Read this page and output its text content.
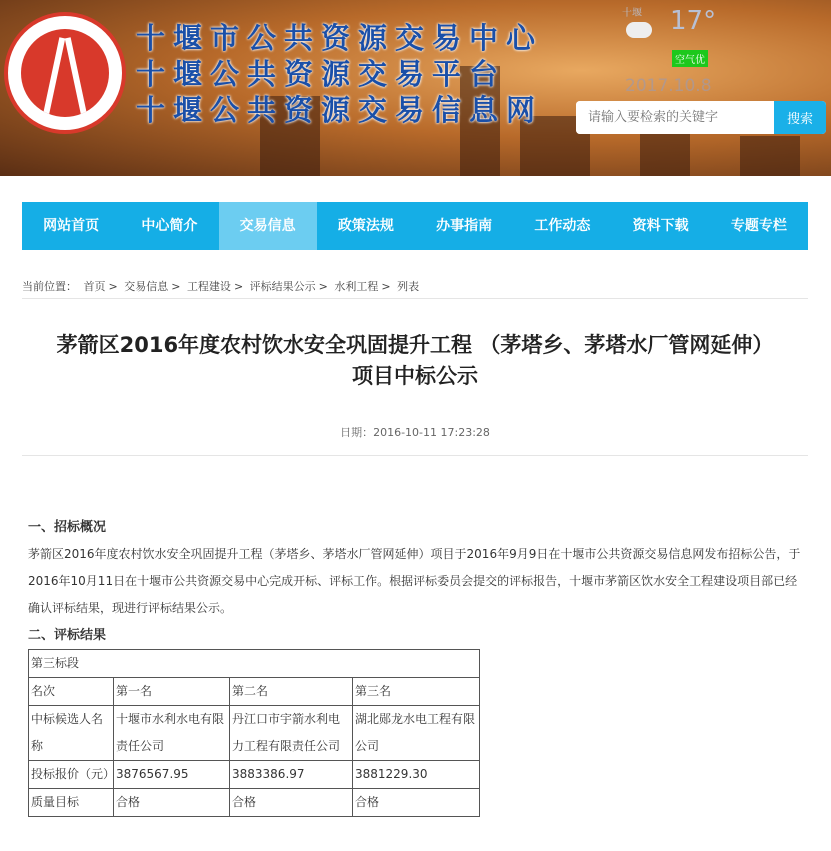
十堰市公共资源交易中心
十堰公共资源交易平台
十堰公共资源交易信息网
十堰 17°
空气优
2017.10.8
请输入要检索的关键字
搜索
网站首页	中心简介	交易信息	政策法规	办事指南	工作动态	资料下载	专题专栏
当前位置： 首页 > 交易信息 > 工程建设 > 评标结果公示 > 水利工程 > 列表
茅箭区2016年度农村饮水安全巩固提升工程 （茅塔乡、茅塔水厂管网延伸）
项目中标公示
日期：2016-10-11 17:23:28
一、招标概况

茅箭区2016年度农村饮水安全巩固提升工程（茅塔乡、茅塔水厂管网延伸）项目于2016年9月9日在十堰市公共资源交易信息网发布招标公告，于2016年10月11日在十堰市公共资源交易中心完成开标、评标工作。根据评标委员会提交的评标报告，十堰市茅箭区饮水安全工程建设项目部已经确认评标结果，现进行评标结果公示。

二、评标结果
第三标段			
名次	第一名	第二名	第三名
中标候选人名称	十堰市水利水电有限责任公司	丹江口市宇箭水利电力工程有限责任公司	湖北郧龙水电工程有限公司
投标报价（元）	3876567.95	3883386.97	3881229.30
质量目标	合格	合格	合格
